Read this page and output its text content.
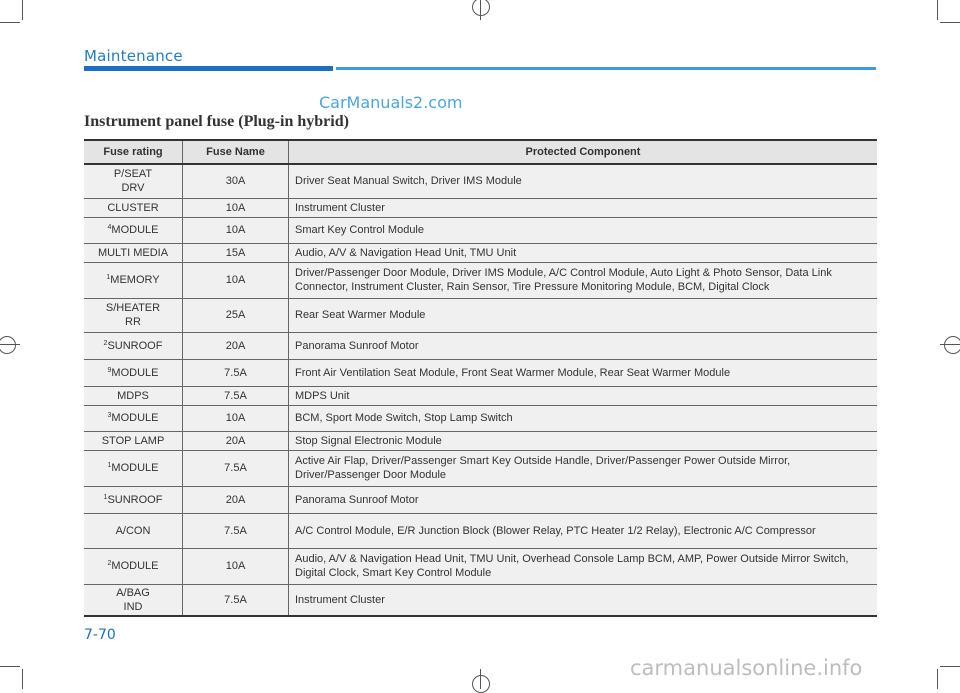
Maintenance
CarManuals2.com
Instrument panel fuse (Plug-in hybrid)
Fuse rating	Fuse Name	Protected Component
P/SEAT DRV	30A	Driver Seat Manual Switch, Driver IMS Module
CLUSTER	10A	Instrument Cluster
$^4$MODULE	10A	Smart Key Control Module
MULTI MEDIA	15A	Audio, A/V & Navigation Head Unit, TMU Unit
$^1$MEMORY	10A	Driver/Passenger Door Module, Driver IMS Module, A/C Control Module, Auto Light & Photo Sensor, Data Link Connector, Instrument Cluster, Rain Sensor, Tire Pressure Monitoring Module, BCM, Digital Clock
S/HEATER RR	25A	Rear Seat Warmer Module
$^2$SUNROOF	20A	Panorama Sunroof Motor
$^9$MODULE	7.5A	Front Air Ventilation Seat Module, Front Seat Warmer Module, Rear Seat Warmer Module
MDPS	7.5A	MDPS Unit
$^3$MODULE	10A	BCM, Sport Mode Switch, Stop Lamp Switch
STOP LAMP	20A	Stop Signal Electronic Module
$^1$MODULE	7.5A	Active Air Flap, Driver/Passenger Smart Key Outside Handle, Driver/Passenger Power Outside Mirror, Driver/Passenger Door Module
$^1$SUNROOF	20A	Panorama Sunroof Motor
A/CON	7.5A	A/C Control Module, E/R Junction Block (Blower Relay, PTC Heater 1/2 Relay), Electronic A/C Compressor
$^2$MODULE	10A	Audio, A/V & Navigation Head Unit, TMU Unit, Overhead Console Lamp BCM, AMP, Power Outside Mirror Switch, Digital Clock, Smart Key Control Module
A/BAG IND	7.5A	Instrument Cluster
7-70
carmanualsonline.info
